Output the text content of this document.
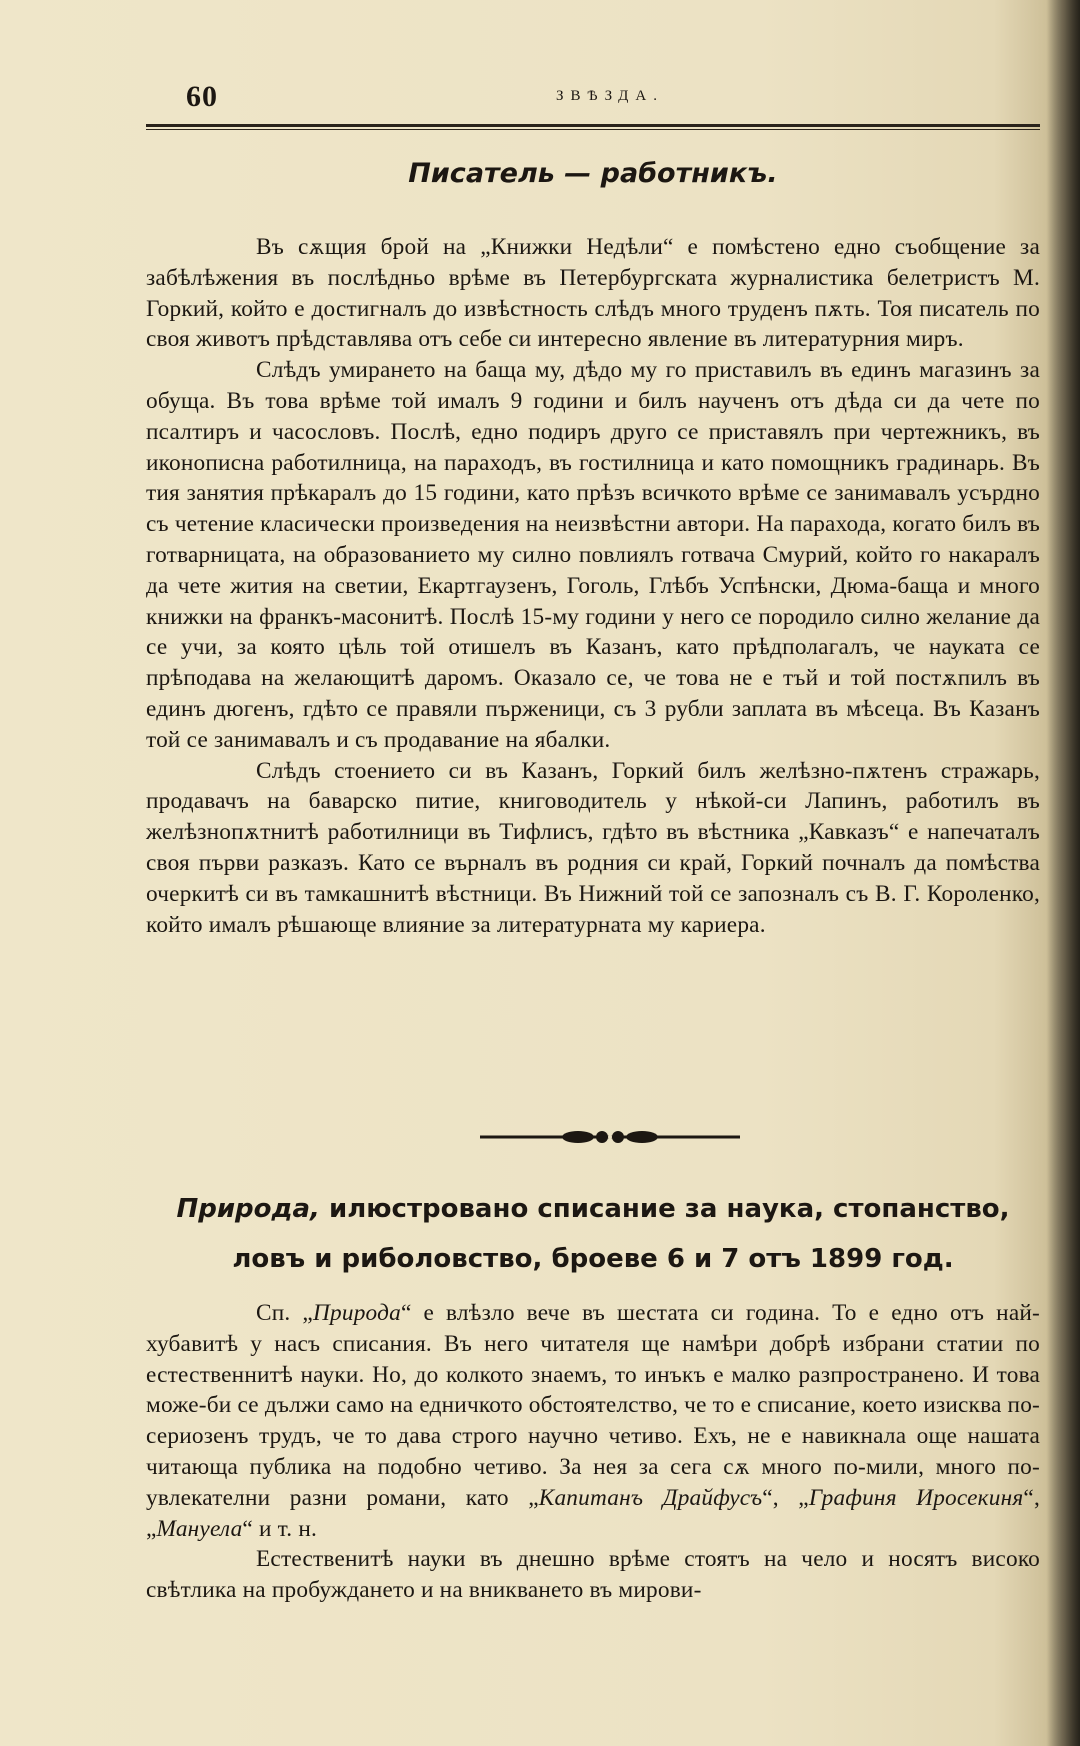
60	ЗВѢЗДА.
Писатель — работникъ.

Въ сѫщия брой на „Книжки Недѣли“ е помѣстено едно съобщение за забѣлѣжения въ послѣдньо врѣме въ Петербургската журналистика белетристъ М. Горкий, който е достигналъ до извѣстность слѣдъ много труденъ пѫть. Тоя писатель по своя животъ прѣдставлява отъ себе си интересно явление въ литературния миръ.

Слѣдъ умирането на баща му, дѣдо му го приставилъ въ единъ магазинъ за обуща. Въ това врѣме той ималъ 9 години и билъ наученъ отъ дѣда си да чете по псалтиръ и часословъ. Послѣ, едно подиръ друго се приставялъ при чертежникъ, въ иконописна работилница, на параходъ, въ гостилница и като помощникъ градинарь. Въ тия занятия прѣкаралъ до 15 години, като прѣзъ всичкото врѣме се занимавалъ усърдно съ четение класически произведения на неизвѣстни автори. На парахода, когато билъ въ готварницата, на образованието му силно повлиялъ готвача Смурий, който го накаралъ да чете жития на светии, Екартгаузенъ, Гоголь, Глѣбъ Успѣнски, Дюма-баща и много книжки на франкъ-масонитѣ. Послѣ 15-му години у него се породило силно желание да се учи, за която цѣль той отишелъ въ Казанъ, като прѣдполагалъ, че науката се прѣподава на желающитѣ даромъ. Оказало се, че това не е тъй и той постѫпилъ въ единъ дюгенъ, гдѣто се правяли пърженици, съ 3 рубли заплата въ мѣсеца. Въ Казанъ той се занимавалъ и съ продавание на ябалки.

Слѣдъ стоението си въ Казанъ, Горкий билъ желѣзно-пѫтенъ стражарь, продавачъ на баварско питие, книговодитель у нѣкой-си Лапинъ, работилъ въ желѣзнопѫтнитѣ работилници въ Тифлисъ, гдѣто въ вѣстника „Кавказъ“ е напечаталъ своя първи разказъ. Като се върналъ въ родния си край, Горкий почналъ да помѣства очеркитѣ си въ тамкашнитѣ вѣстници. Въ Нижний той се запозналъ съ В. Г. Короленко, който ималъ рѣшающе влияние за литературната му кариера.

Природа, илюстровано списание за наука, стопанство, ловъ и риболовство, броеве 6 и 7 отъ 1899 год.

Сп. „Природа“ е влѣзло вече въ шестата си година. То е едно отъ най-хубавитѣ у насъ списания. Въ него читателя ще намѣри добрѣ избрани статии по естественнитѣ науки. Но, до колкото знаемъ, то инъкъ е малко разпространено. И това може-би се дължи само на едничкото обстоятелство, че то е списание, което изисква по-сериозенъ трудъ, че то дава строго научно четиво. Ехъ, не е навикнала още нашата читающа публика на подобно четиво. За нея за сега сѫ много по-мили, много по-увлекателни разни романи, като „Капитанъ Драйфусъ“, „Графиня Иросекиня“, „Мануела“ и т. н.

Естественитѣ науки въ днешно врѣме стоятъ на чело и носятъ високо свѣтлика на пробуждането и на вникването въ мирови-
